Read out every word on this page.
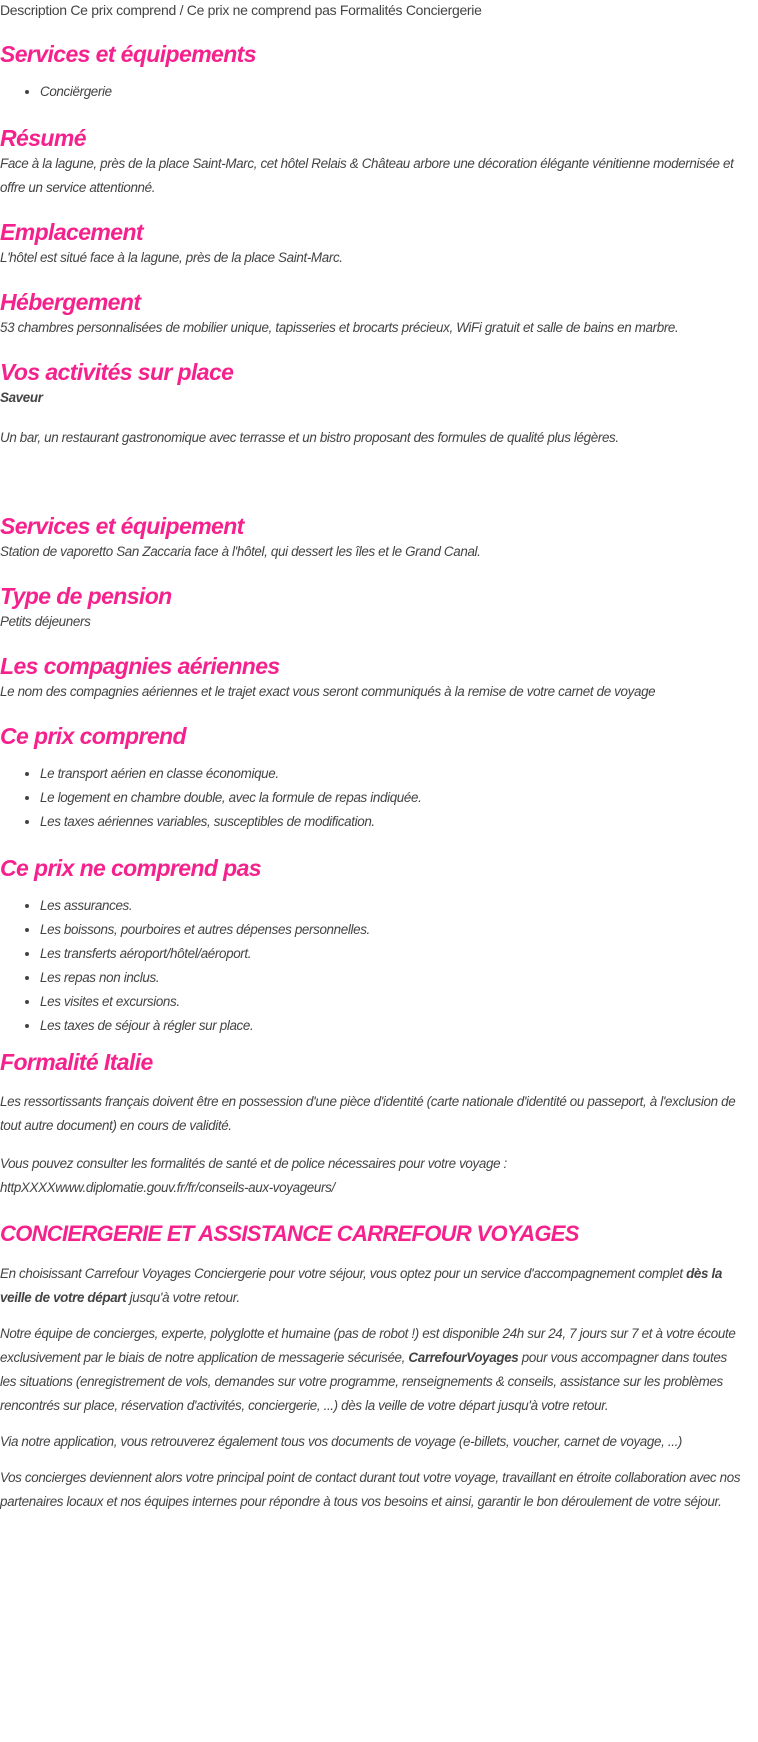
Description Ce prix comprend / Ce prix ne comprend pas Formalités Conciergerie

Services et équipements
• Conciërgerie
Résumé

Face à la lagune, près de la place Saint-Marc, cet hôtel Relais & Château arbore une décoration élégante vénitienne modernisée et offre un service attentionné.

Emplacement

L'hôtel est situé face à la lagune, près de la place Saint-Marc.

Hébergement

53 chambres personnalisées de mobilier unique, tapisseries et brocarts précieux, WiFi gratuit et salle de bains en marbre.

Vos activités sur place

Saveur

Un bar, un restaurant gastronomique avec terrasse et un bistro proposant des formules de qualité plus légères.

Services et équipement

Station de vaporetto San Zaccaria face à l'hôtel, qui dessert les îles et le Grand Canal.

Type de pension

Petits déjeuners

Les compagnies aériennes

Le nom des compagnies aériennes et le trajet exact vous seront communiqués à la remise de votre carnet de voyage

Ce prix comprend
• Le transport aérien en classe économique.
• Le logement en chambre double, avec la formule de repas indiquée.
• Les taxes aériennes variables, susceptibles de modification.
Ce prix ne comprend pas
• Les assurances.
• Les boissons, pourboires et autres dépenses personnelles.
• Les transferts aéroport/hôtel/aéroport.
• Les repas non inclus.
• Les visites et excursions.
• Les taxes de séjour à régler sur place.
Formalité Italie

Les ressortissants français doivent être en possession d'une pièce d'identité (carte nationale d'identité ou passeport, à l'exclusion de tout autre document) en cours de validité.

Vous pouvez consulter les formalités de santé et de police nécessaires pour votre voyage :
httpXXXXwww.diplomatie.gouv.fr/fr/conseils-aux-voyageurs/

CONCIERGERIE ET ASSISTANCE CARREFOUR VOYAGES

En choisissant Carrefour Voyages Conciergerie pour votre séjour, vous optez pour un service d'accompagnement complet dès la veille de votre départ jusqu'à votre retour.

Notre équipe de concierges, experte, polyglotte et humaine (pas de robot !) est disponible 24h sur 24, 7 jours sur 7 et à votre écoute exclusivement par le biais de notre application de messagerie sécurisée, CarrefourVoyages pour vous accompagner dans toutes les situations (enregistrement de vols, demandes sur votre programme, renseignements & conseils, assistance sur les problèmes rencontrés sur place, réservation d'activités, conciergerie, ...) dès la veille de votre départ jusqu'à votre retour.

Via notre application, vous retrouverez également tous vos documents de voyage (e-billets, voucher, carnet de voyage, ...)

Vos concierges deviennent alors votre principal point de contact durant tout votre voyage, travaillant en étroite collaboration avec nos partenaires locaux et nos équipes internes pour répondre à tous vos besoins et ainsi, garantir le bon déroulement de votre séjour.
